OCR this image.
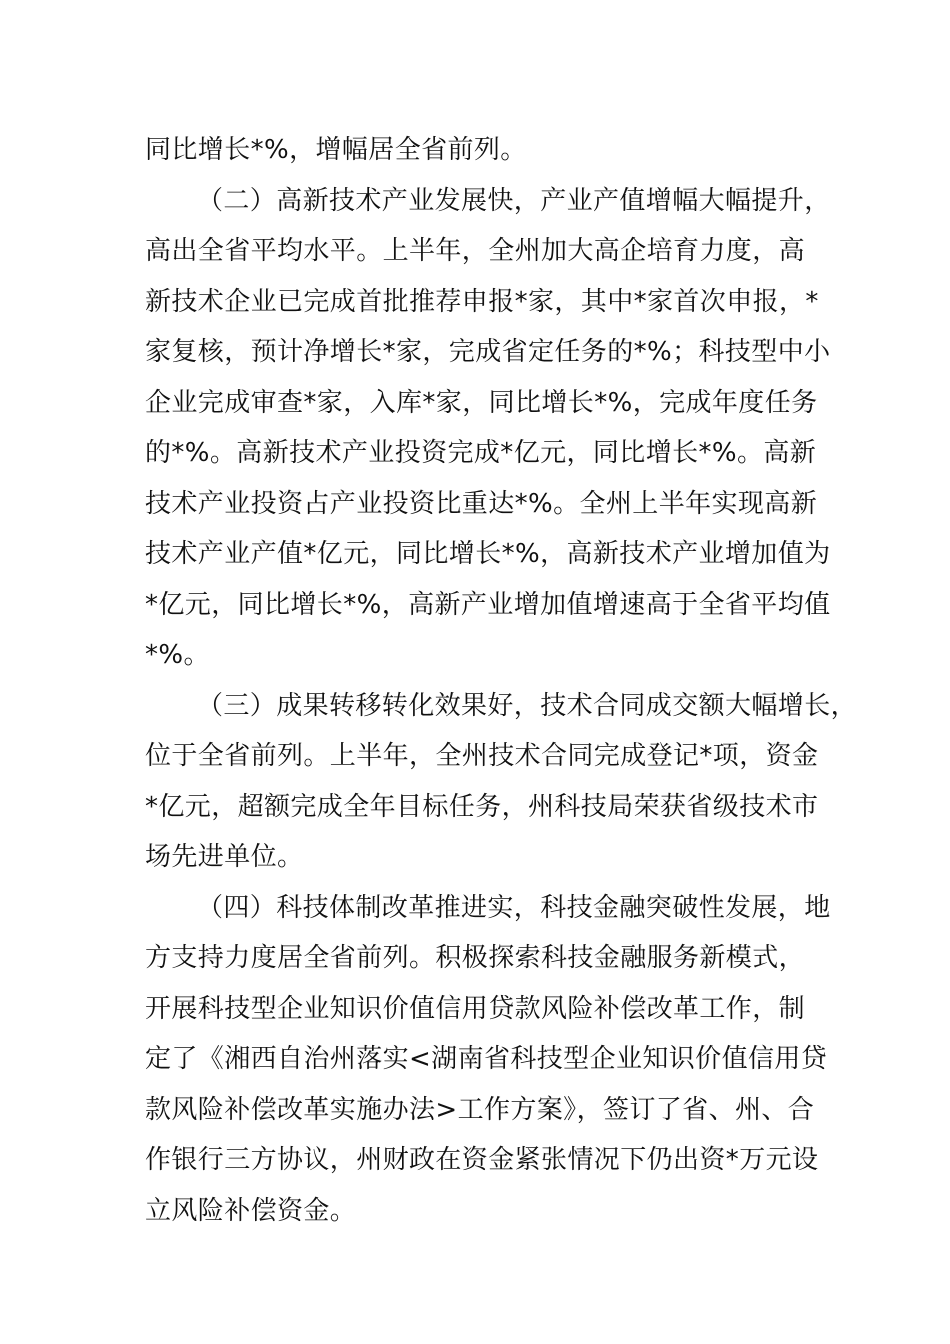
同比增长*%，增幅居全省前列。
（二）高新技术产业发展快，产业产值增幅大幅提升，
高出全省平均水平。上半年，全州加大高企培育力度，高
新技术企业已完成首批推荐申报*家，其中*家首次申报，*
家复核，预计净增长*家，完成省定任务的*%；科技型中小
企业完成审查*家，入库*家，同比增长*%，完成年度任务
的*%。高新技术产业投资完成*亿元，同比增长*%。高新
技术产业投资占产业投资比重达*%。全州上半年实现高新
技术产业产值*亿元，同比增长*%，高新技术产业增加值为
*亿元，同比增长*%，高新产业增加值增速高于全省平均值
*%。
（三）成果转移转化效果好，技术合同成交额大幅增长，
位于全省前列。上半年，全州技术合同完成登记*项，资金
*亿元，超额完成全年目标任务，州科技局荣获省级技术市
场先进单位。
（四）科技体制改革推进实，科技金融突破性发展，地
方支持力度居全省前列。积极探索科技金融服务新模式，
开展科技型企业知识价值信用贷款风险补偿改革工作，制
定了《湘西自治州落实<湖南省科技型企业知识价值信用贷
款风险补偿改革实施办法>工作方案》，签订了省、州、合
作银行三方协议，州财政在资金紧张情况下仍出资*万元设
立风险补偿资金。
